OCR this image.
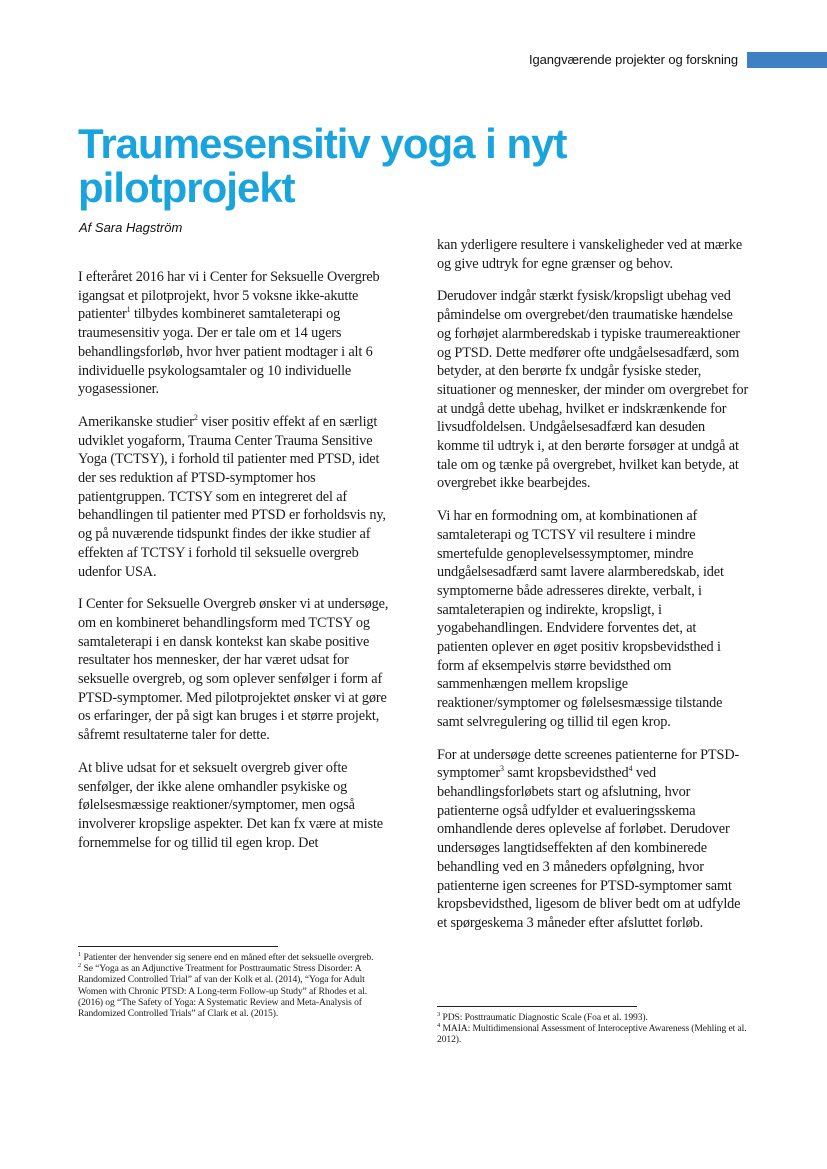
Igangværende projekter og forskning
Traumesensitiv yoga i nyt pilotprojekt
Af Sara Hagström

I efteråret 2016 har vi i Center for Seksuelle Overgreb igangsat et pilotprojekt, hvor 5 voksne ikke-akutte patienter$^1$ tilbydes kombineret samtaleterapi og traumesensitiv yoga. Der er tale om et 14 ugers behandlingsforløb, hvor hver patient modtager i alt 6 individuelle psykologsamtaler og 10 individuelle yogasessioner.

Amerikanske studier$^2$ viser positiv effekt af en særligt udviklet yogaform, Trauma Center Trauma Sensitive Yoga (TCTSY), i forhold til patienter med PTSD, idet der ses reduktion af PTSD-symptomer hos patientgruppen. TCTSY som en integreret del af behandlingen til patienter med PTSD er forholdsvis ny, og på nuværende tidspunkt findes der ikke studier af effekten af TCTSY i forhold til seksuelle overgreb udenfor USA.

I Center for Seksuelle Overgreb ønsker vi at undersøge, om en kombineret behandlingsform med TCTSY og samtaleterapi i en dansk kontekst kan skabe positive resultater hos mennesker, der har været udsat for seksuelle overgreb, og som oplever senfølger i form af PTSD-symptomer. Med pilotprojektet ønsker vi at gøre os erfaringer, der på sigt kan bruges i et større projekt, såfremt resultaterne taler for dette.

At blive udsat for et seksuelt overgreb giver ofte senfølger, der ikke alene omhandler psykiske og følelsesmæssige reaktioner/symptomer, men også involverer kropslige aspekter. Det kan fx være at miste fornemmelse for og tillid til egen krop. Det

kan yderligere resultere i vanskeligheder ved at mærke og give udtryk for egne grænser og behov.

Derudover indgår stærkt fysisk/kropsligt ubehag ved påmindelse om overgrebet/den traumatiske hændelse og forhøjet alarmberedskab i typiske traumereaktioner og PTSD. Dette medfører ofte undgåelsesadfærd, som betyder, at den berørte fx undgår fysiske steder, situationer og mennesker, der minder om overgrebet for at undgå dette ubehag, hvilket er indskrænkende for livsudfoldelsen. Undgåelsesadfærd kan desuden komme til udtryk i, at den berørte forsøger at undgå at tale om og tænke på overgrebet, hvilket kan betyde, at overgrebet ikke bearbejdes.

Vi har en formodning om, at kombinationen af samtaleterapi og TCTSY vil resultere i mindre smertefulde genoplevelsessymptomer, mindre undgåelsesadfærd samt lavere alarmberedskab, idet symptomerne både adresseres direkte, verbalt, i samtaleterapien og indirekte, kropsligt, i yogabehandlingen. Endvidere forventes det, at patienten oplever en øget positiv kropsbevidsthed i form af eksempelvis større bevidsthed om sammenhængen mellem kropslige reaktioner/symptomer og følelsesmæssige tilstande samt selvregulering og tillid til egen krop.

For at undersøge dette screenes patienterne for PTSD-symptomer$^3$ samt kropsbevidsthed$^4$ ved behandlingsforløbets start og afslutning, hvor patienterne også udfylder et evalueringsskema omhandlende deres oplevelse af forløbet. Derudover undersøges langtidseffekten af den kombinerede behandling ved en 3 måneders opfølgning, hvor patienterne igen screenes for PTSD-symptomer samt kropsbevidsthed, ligesom de bliver bedt om at udfylde et spørgeskema 3 måneder efter afsluttet forløb.

$^1$ Patienter der henvender sig senere end en måned efter det seksuelle overgreb.

$^2$ Se “Yoga as an Adjunctive Treatment for Posttraumatic Stress Disorder: A Randomized Controlled Trial” af van der Kolk et al. (2014), “Yoga for Adult Women with Chronic PTSD: A Long-term Follow-up Study” af Rhodes et al. (2016) og “The Safety of Yoga: A Systematic Review and Meta-Analysis of Randomized Controlled Trials” af Clark et al. (2015).	$^3$ PDS: Posttraumatic Diagnostic Scale (Foa et al. 1993).

$^4$ MAIA: Multidimensional Assessment of Interoceptive Awareness (Mehling et al. 2012).
